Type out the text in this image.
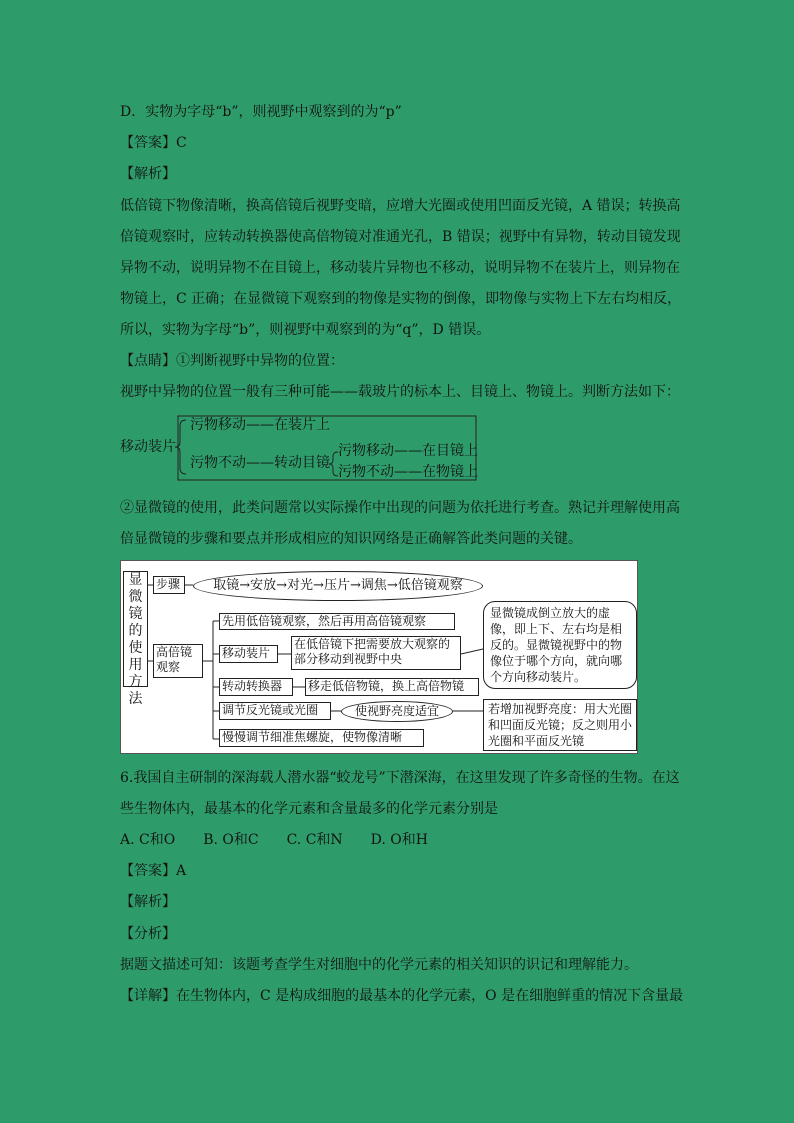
D．实物为字母“b”，则视野中观察到的为“p”
【答案】C
【解析】
低倍镜下物像清晰，换高倍镜后视野变暗，应增大光圈或使用凹面反光镜，A 错误；转换高
倍镜观察时，应转动转换器使高倍物镜对准通光孔，B 错误；视野中有异物，转动目镜发现
异物不动，说明异物不在目镜上，移动装片异物也不移动，说明异物不在装片上，则异物在
物镜上，C 正确；在显微镜下观察到的物像是实物的倒像，即物像与实物上下左右均相反，
所以，实物为字母“b”，则视野中观察到的为“q”，D 错误。
【点睛】①判断视野中异物的位置：
视野中异物的位置一般有三种可能——载玻片的标本上、目镜上、物镜上。判断方法如下：
移动装片
污物移动——在装片上
污物不动——转动目镜
污物移动——在目镜上
污物不动——在物镜上
②显微镜的使用，此类问题常以实际操作中出现的问题为依托进行考查。熟记并理解使用高
倍显微镜的步骤和要点并形成相应的知识网络是正确解答此类问题的关键。
显微镜的使用方法
步骤	取镜→安放→对光→压片→调焦→低倍镜观察
高倍镜观察
先用低倍镜观察，然后再用高倍镜观察
移动装片
在低倍镜下把需要放大观察的部分移动到视野中央
转动转换器	移走低倍物镜，换上高倍物镜
调节反光镜或光圈	使视野亮度适宜
慢慢调节细准焦螺旋，使物像清晰
显微镜成倒立放大的虚像，即上下、左右均是相反的。显微镜视野中的物像位于哪个方向，就向哪个方向移动装片。
若增加视野亮度：用大光圈和凹面反光镜；反之则用小光圈和平面反光镜
6.我国自主研制的深海载人潜水器“蛟龙号”下潜深海，在这里发现了许多奇怪的生物。在这
些生物体内，最基本的化学元素和含量最多的化学元素分别是
A. C和O　　B. O和C　　C. C和N　　D. O和H
【答案】A
【解析】
【分析】
据题文描述可知：该题考查学生对细胞中的化学元素的相关知识的识记和理解能力。
【详解】在生物体内，C 是构成细胞的最基本的化学元素，O 是在细胞鲜重的情况下含量最
